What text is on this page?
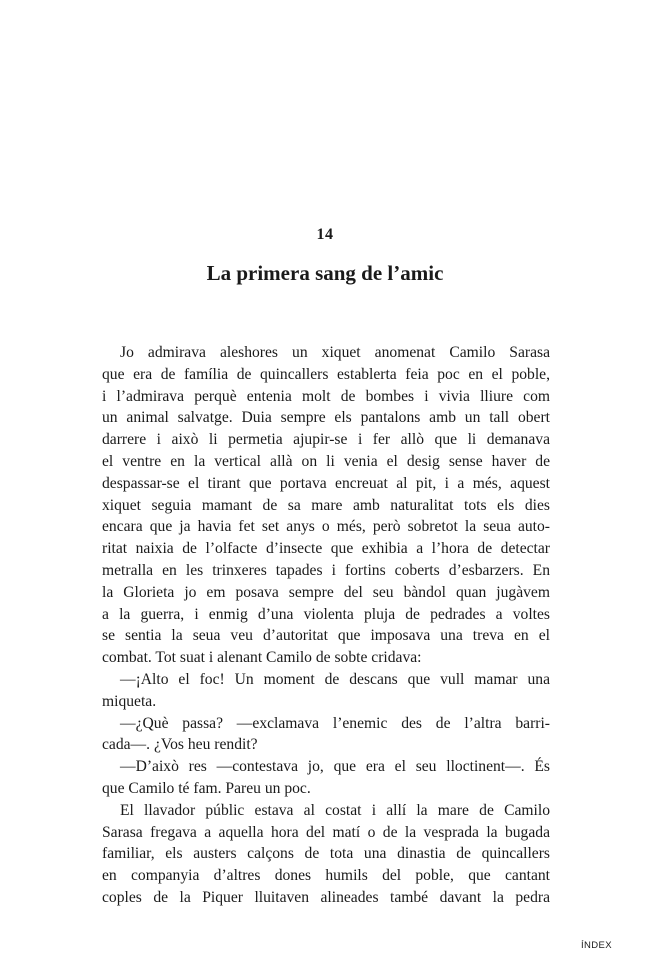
14
La primera sang de l’amic
Jo admirava aleshores un xiquet anomenat Camilo Sarasa
que era de família de quincallers establerta feia poc en el poble,
i l’admirava perquè entenia molt de bombes i vivia lliure com
un animal salvatge. Duia sempre els pantalons amb un tall obert
darrere i això li permetia ajupir-se i fer allò que li demanava
el ventre en la vertical allà on li venia el desig sense haver de
despassar-se el tirant que portava encreuat al pit, i a més, aquest
xiquet seguia mamant de sa mare amb naturalitat tots els dies
encara que ja havia fet set anys o més, però sobretot la seua auto-
ritat naixia de l’olfacte d’insecte que exhibia a l’hora de detectar
metralla en les trinxeres tapades i fortins coberts d’esbarzers. En
la Glorieta jo em posava sempre del seu bàndol quan jugàvem
a la guerra, i enmig d’una violenta pluja de pedrades a voltes
se sentia la seua veu d’autoritat que imposava una treva en el
combat. Tot suat i alenant Camilo de sobte cridava:
—¡Alto el foc! Un moment de descans que vull mamar una
miqueta.
—¿Què passa? —exclamava l’enemic des de l’altra barri-
cada—. ¿Vos heu rendit?
—D’això res —contestava jo, que era el seu lloctinent—. És
que Camilo té fam. Pareu un poc.
El llavador públic estava al costat i allí la mare de Camilo
Sarasa fregava a aquella hora del matí o de la vesprada la bugada
familiar, els austers calçons de tota una dinastia de quincallers
en companyia d’altres dones humils del poble, que cantant
coples de la Piquer lluitaven alineades també davant la pedra
ÍNDEX
